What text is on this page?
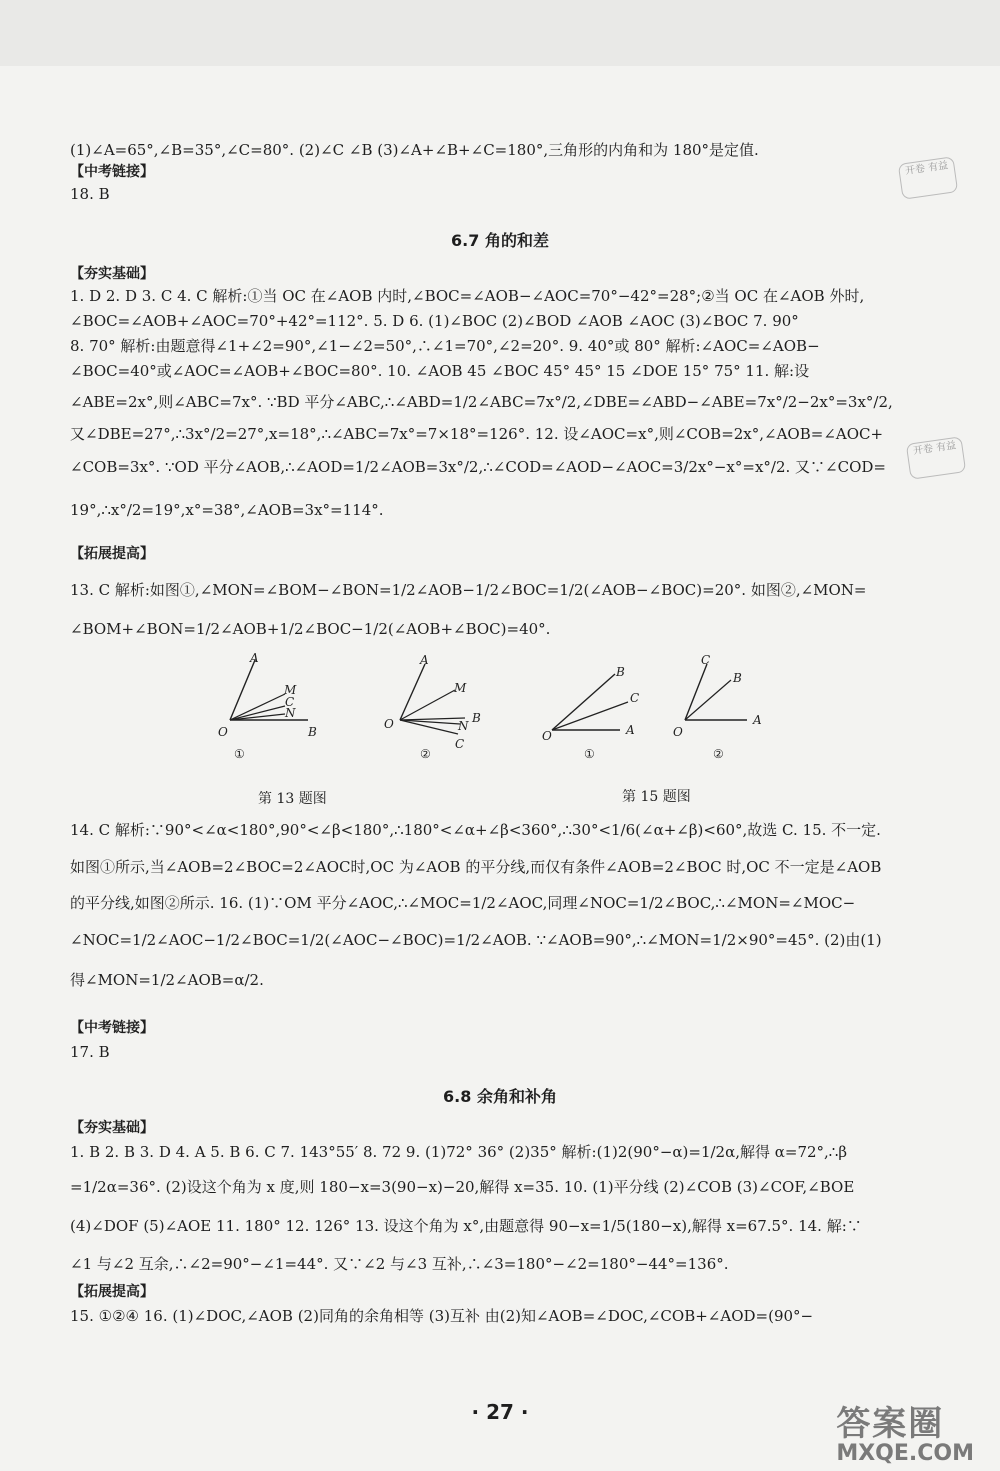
(1)∠A=65°,∠B=35°,∠C=80°. (2)∠C ∠B (3)∠A+∠B+∠C=180°,三角形的内角和为 180°是定值.
【中考链接】
18. B
6.7 角的和差
【夯实基础】
1. D 2. D 3. C 4. C 解析:①当 OC 在∠AOB 内时,∠BOC=∠AOB−∠AOC=70°−42°=28°;②当 OC 在∠AOB 外时,
∠BOC=∠AOB+∠AOC=70°+42°=112°. 5. D 6. (1)∠BOC (2)∠BOD ∠AOB ∠AOC (3)∠BOC 7. 90°
8. 70° 解析:由题意得∠1+∠2=90°,∠1−∠2=50°,∴∠1=70°,∠2=20°. 9. 40°或 80° 解析:∠AOC=∠AOB−
∠BOC=40°或∠AOC=∠AOB+∠BOC=80°. 10. ∠AOB 45 ∠BOC 45° 45° 15 ∠DOE 15° 75° 11. 解:设
∠ABE=2x°,则∠ABC=7x°. ∵BD 平分∠ABC,∴∠ABD=1/2∠ABC=7x°/2,∠DBE=∠ABD−∠ABE=7x°/2−2x°=3x°/2,
又∠DBE=27°,∴3x°/2=27°,x=18°,∴∠ABC=7x°=7×18°=126°. 12. 设∠AOC=x°,则∠COB=2x°,∠AOB=∠AOC+
∠COB=3x°. ∵OD 平分∠AOB,∴∠AOD=1/2∠AOB=3x°/2,∴∠COD=∠AOD−∠AOC=3/2x°−x°=x°/2. 又∵∠COD=
19°,∴x°/2=19°,x°=38°,∠AOB=3x°=114°.
【拓展提高】
13. C 解析:如图①,∠MON=∠BOM−∠BON=1/2∠AOB−1/2∠BOC=1/2(∠AOB−∠BOC)=20°. 如图②,∠MON=
∠BOM+∠BON=1/2∠AOB+1/2∠BOC−1/2(∠AOB+∠BOC)=40°.
A
M
C
N
O	B
①
A
M
N
B
C
O
②
B
C
A
O
①
C
B
A
O
②
第 13 题图	第 15 题图
14. C 解析:∵90°<∠α<180°,90°<∠β<180°,∴180°<∠α+∠β<360°,∴30°<1/6(∠α+∠β)<60°,故选 C. 15. 不一定.
如图①所示,当∠AOB=2∠BOC=2∠AOC时,OC 为∠AOB 的平分线,而仅有条件∠AOB=2∠BOC 时,OC 不一定是∠AOB
的平分线,如图②所示. 16. (1)∵OM 平分∠AOC,∴∠MOC=1/2∠AOC,同理∠NOC=1/2∠BOC,∴∠MON=∠MOC−
∠NOC=1/2∠AOC−1/2∠BOC=1/2(∠AOC−∠BOC)=1/2∠AOB. ∵∠AOB=90°,∴∠MON=1/2×90°=45°. (2)由(1)
得∠MON=1/2∠AOB=α/2.
【中考链接】
17. B
6.8 余角和补角
【夯实基础】
1. B 2. B 3. D 4. A 5. B 6. C 7. 143°55′ 8. 72 9. (1)72° 36° (2)35° 解析:(1)2(90°−α)=1/2α,解得 α=72°,∴β
=1/2α=36°. (2)设这个角为 x 度,则 180−x=3(90−x)−20,解得 x=35. 10. (1)平分线 (2)∠COB (3)∠COF,∠BOE
(4)∠DOF (5)∠AOE 11. 180° 12. 126° 13. 设这个角为 x°,由题意得 90−x=1/5(180−x),解得 x=67.5°. 14. 解:∵
∠1 与∠2 互余,∴∠2=90°−∠1=44°. 又∵∠2 与∠3 互补,∴∠3=180°−∠2=180°−44°=136°.
【拓展提高】
15. ①②④ 16. (1)∠DOC,∠AOB (2)同角的余角相等 (3)互补 由(2)知∠AOB=∠DOC,∠COB+∠AOD=(90°−
· 27 ·
开卷 有益
开卷 有益
答案圈
MXQE.COM
